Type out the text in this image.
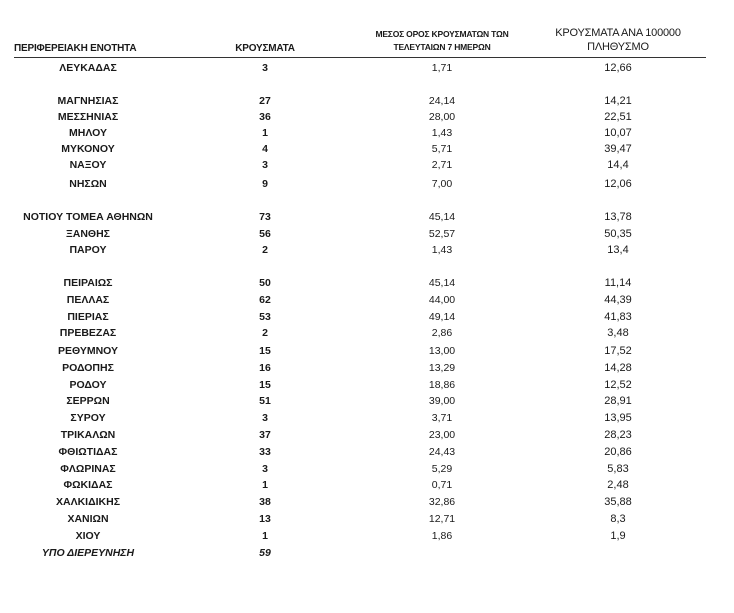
ΠΕΡΙΦΕΡΕΙΑΚΗ ΕΝΟΤΗΤΑ	ΚΡΟΥΣΜΑΤΑ
ΜΕΣΟΣ ΟΡΟΣ ΚΡΟΥΣΜΑΤΩΝ ΤΩΝ
ΤΕΛΕΥΤΑΙΩΝ 7 ΗΜΕΡΩΝ
ΚΡΟΥΣΜΑΤΑ ΑΝΑ 100000
ΠΛΗΘΥΣΜΟ
ΛΕΥΚΑΔΑΣ	3	1,71	12,66
ΜΑΓΝΗΣΙΑΣ	27	24,14	14,21
ΜΕΣΣΗΝΙΑΣ	36	28,00	22,51
ΜΗΛΟΥ	1	1,43	10,07
ΜΥΚΟΝΟΥ	4	5,71	39,47
ΝΑΞΟΥ	3	2,71	14,4
ΝΗΣΩΝ	9	7,00	12,06
ΝΟΤΙΟΥ ΤΟΜΕΑ ΑΘΗΝΩΝ	73	45,14	13,78
ΞΑΝΘΗΣ	56	52,57	50,35
ΠΑΡΟΥ	2	1,43	13,4
ΠΕΙΡΑΙΩΣ	50	45,14	11,14
ΠΕΛΛΑΣ	62	44,00	44,39
ΠΙΕΡΙΑΣ	53	49,14	41,83
ΠΡΕΒΕΖΑΣ	2	2,86	3,48
ΡΕΘΥΜΝΟΥ	15	13,00	17,52
ΡΟΔΟΠΗΣ	16	13,29	14,28
ΡΟΔΟΥ	15	18,86	12,52
ΣΕΡΡΩΝ	51	39,00	28,91
ΣΥΡΟΥ	3	3,71	13,95
ΤΡΙΚΑΛΩΝ	37	23,00	28,23
ΦΘΙΩΤΙΔΑΣ	33	24,43	20,86
ΦΛΩΡΙΝΑΣ	3	5,29	5,83
ΦΩΚΙΔΑΣ	1	0,71	2,48
ΧΑΛΚΙΔΙΚΗΣ	38	32,86	35,88
ΧΑΝΙΩΝ	13	12,71	8,3
ΧΙΟΥ	1	1,86	1,9
ΥΠΟ ΔΙΕΡΕΥΝΗΣΗ	59
